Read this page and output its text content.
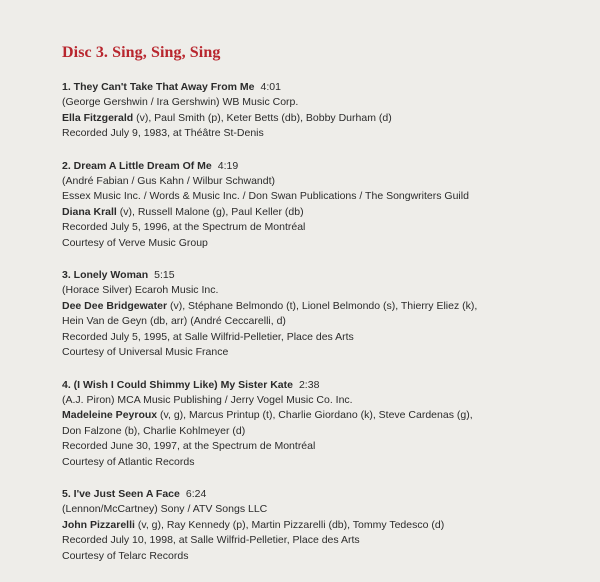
Disc 3. Sing, Sing, Sing
1. They Can't Take That Away From Me 4:01
(George Gershwin / Ira Gershwin) WB Music Corp.
Ella Fitzgerald (v), Paul Smith (p), Keter Betts (db), Bobby Durham (d)
Recorded July 9, 1983, at Théâtre St-Denis
2. Dream A Little Dream Of Me 4:19
(André Fabian / Gus Kahn / Wilbur Schwandt)
Essex Music Inc. / Words & Music Inc. / Don Swan Publications / The Songwriters Guild
Diana Krall (v), Russell Malone (g), Paul Keller (db)
Recorded July 5, 1996, at the Spectrum de Montréal
Courtesy of Verve Music Group
3. Lonely Woman 5:15
(Horace Silver) Ecaroh Music Inc.
Dee Dee Bridgewater (v), Stéphane Belmondo (t), Lionel Belmondo (s), Thierry Eliez (k),
Hein Van de Geyn (db, arr) (André Ceccarelli, d)
Recorded July 5, 1995, at Salle Wilfrid-Pelletier, Place des Arts
Courtesy of Universal Music France
4. (I Wish I Could Shimmy Like) My Sister Kate 2:38
(A.J. Piron) MCA Music Publishing / Jerry Vogel Music Co. Inc.
Madeleine Peyroux (v, g), Marcus Printup (t), Charlie Giordano (k), Steve Cardenas (g),
Don Falzone (b), Charlie Kohlmeyer (d)
Recorded June 30, 1997, at the Spectrum de Montréal
Courtesy of Atlantic Records
5. I've Just Seen A Face 6:24
(Lennon/McCartney) Sony / ATV Songs LLC
John Pizzarelli (v, g), Ray Kennedy (p), Martin Pizzarelli (db), Tommy Tedesco (d)
Recorded July 10, 1998, at Salle Wilfrid-Pelletier, Place des Arts
Courtesy of Telarc Records
